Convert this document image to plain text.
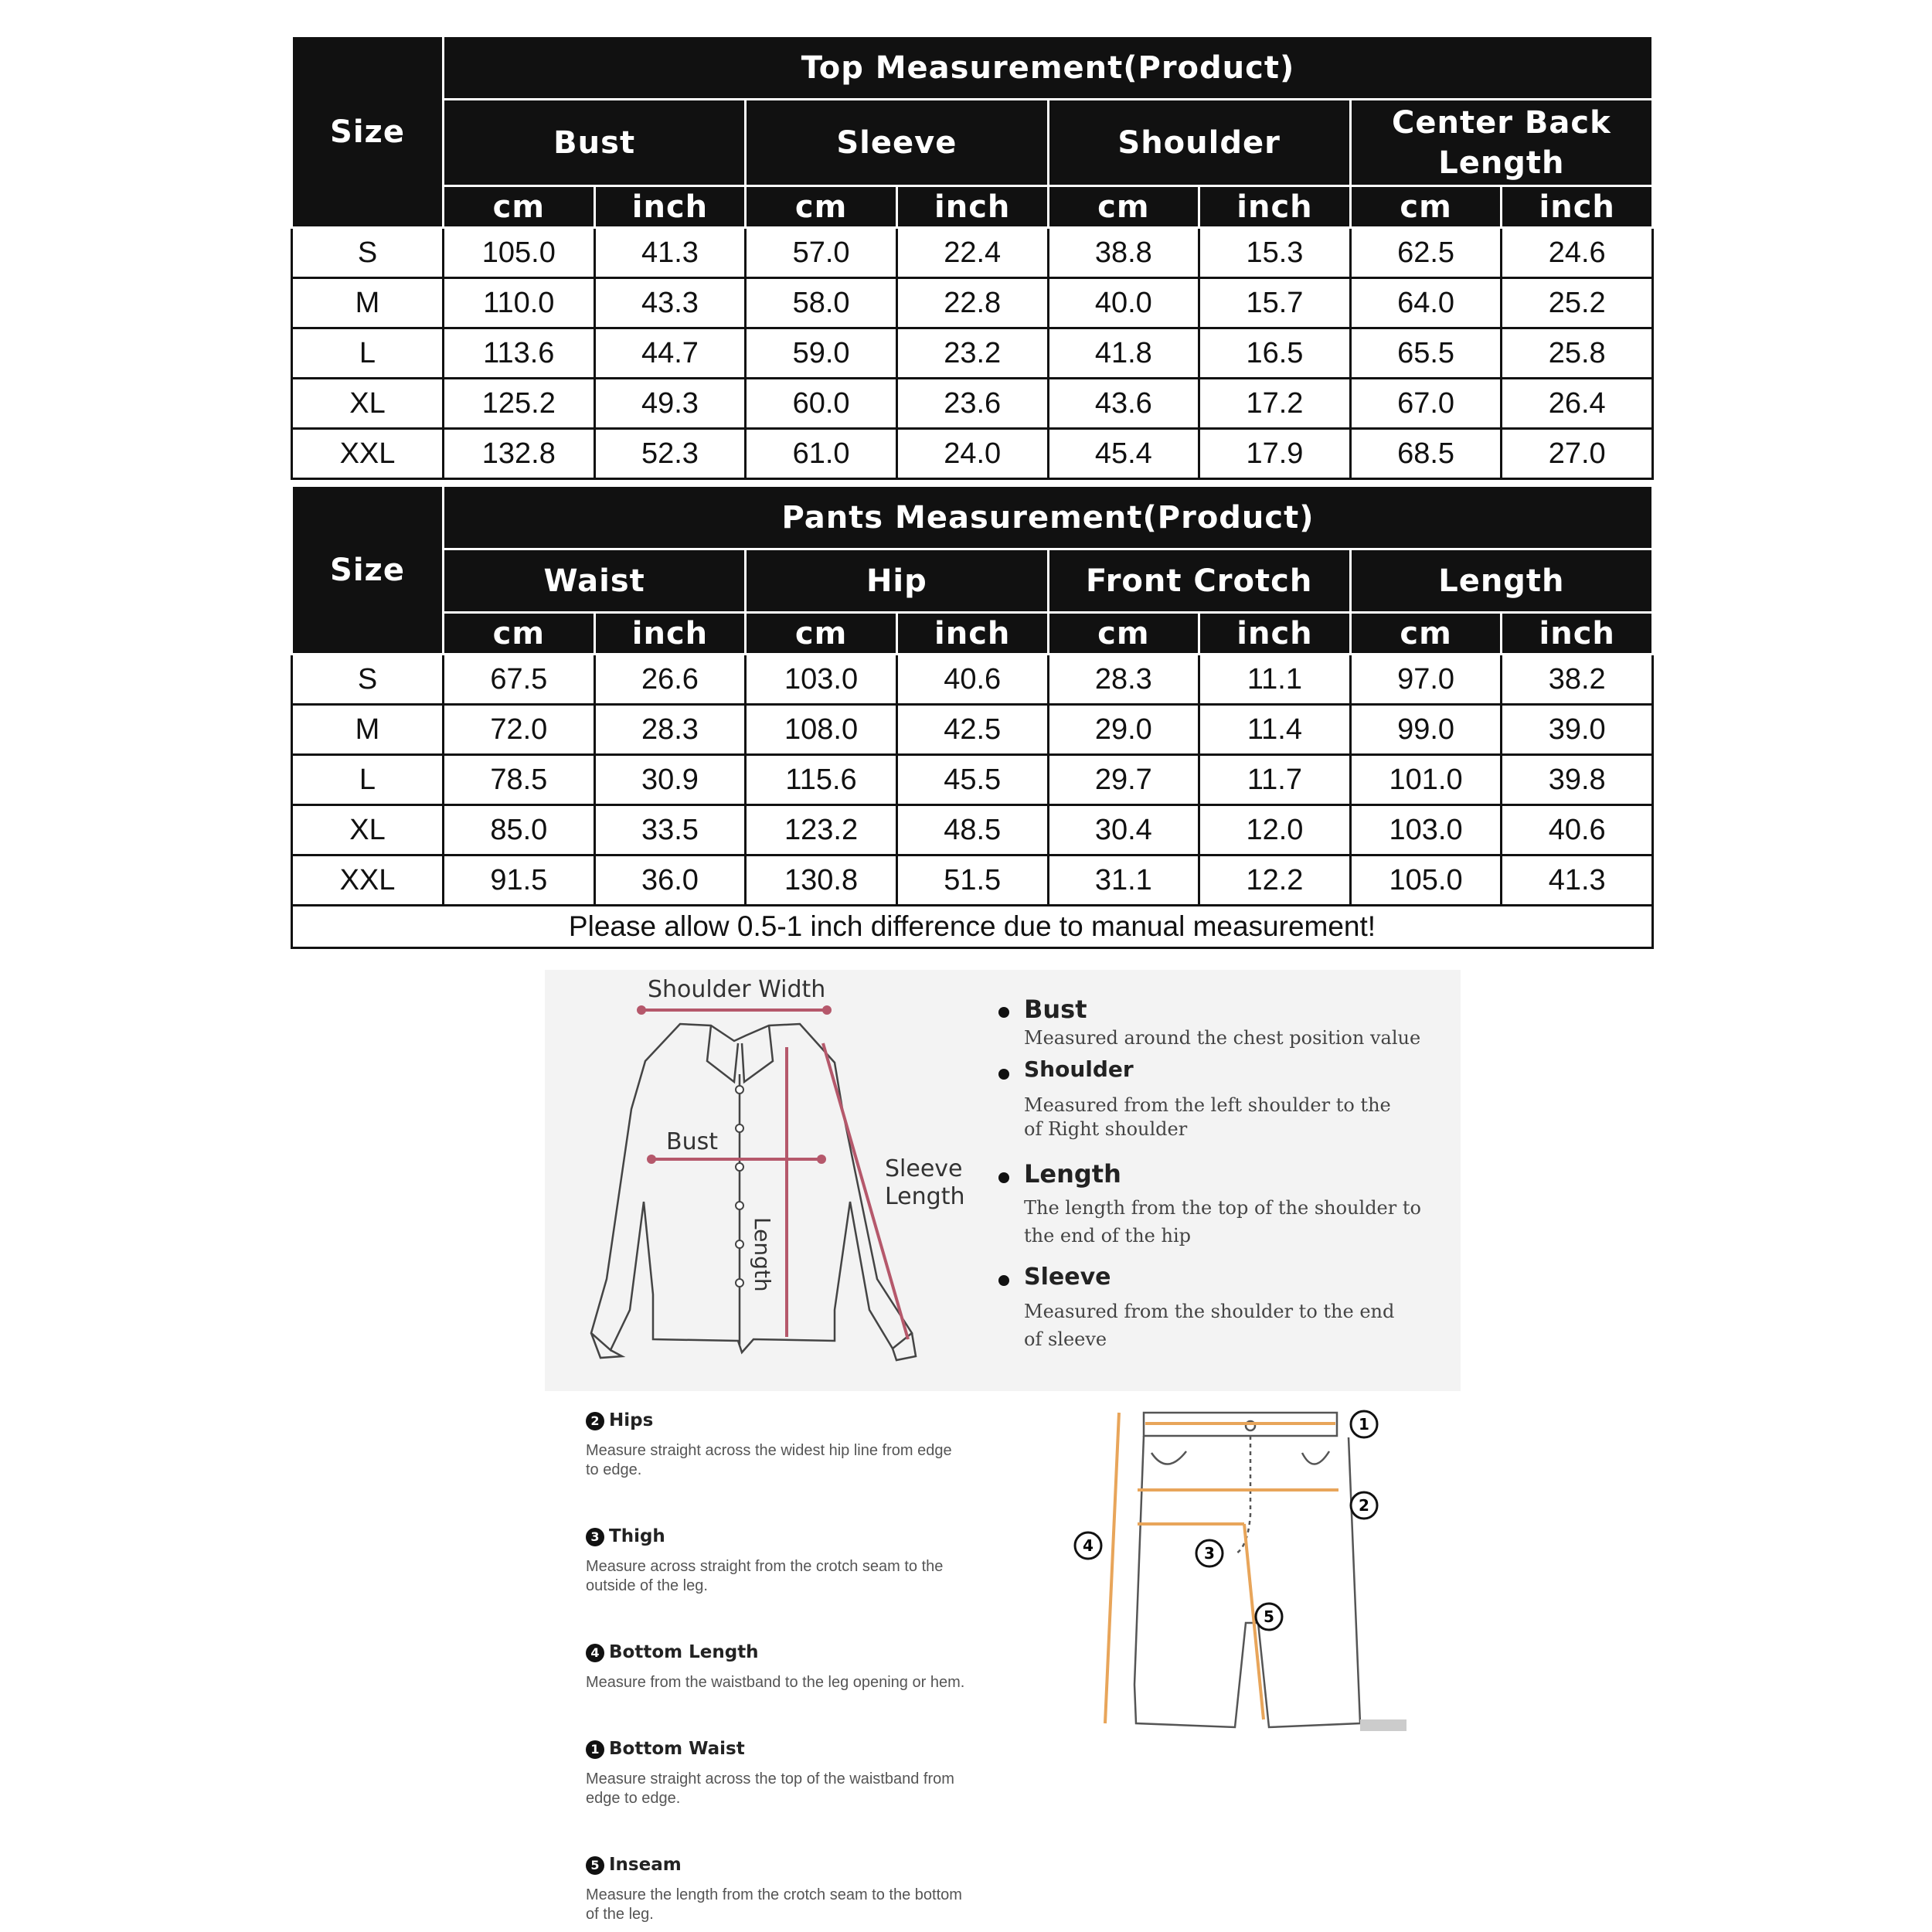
Size	Top Measurement(Product)							
	Bust		Sleeve		Shoulder		Center Back Length	
	cm	inch	cm	inch	cm	inch	cm	inch
S	105.0	41.3	57.0	22.4	38.8	15.3	62.5	24.6
M	110.0	43.3	58.0	22.8	40.0	15.7	64.0	25.2
L	113.6	44.7	59.0	23.2	41.8	16.5	65.5	25.8
XL	125.2	49.3	60.0	23.6	43.6	17.2	67.0	26.4
XXL	132.8	52.3	61.0	24.0	45.4	17.9	68.5	27.0
Size	Pants Measurement(Product)							
	Waist		Hip		Front Crotch		Length	
	cm	inch	cm	inch	cm	inch	cm	inch
S	67.5	26.6	103.0	40.6	28.3	11.1	97.0	38.2
M	72.0	28.3	108.0	42.5	29.0	11.4	99.0	39.0
L	78.5	30.9	115.6	45.5	29.7	11.7	101.0	39.8
XL	85.0	33.5	123.2	48.5	30.4	12.0	103.0	40.6
XXL	91.5	36.0	130.8	51.5	31.1	12.2	105.0	41.3
Please allow 0.5-1 inch difference due to manual measurement!								
Shoulder Width
Bust
Sleeve
Length
Length
Bust
Measured around the chest position value
Shoulder
Measured from the left shoulder to the
of Right shoulder
Length
The length from the top of the shoulder to
the end of the hip
Sleeve
Measured from the shoulder to the end
of sleeve
2 Hips
Measure straight across the widest hip line from edge
to edge.
3 Thigh
Measure across straight from the crotch seam to the
outside of the leg.
4 Bottom Length
Measure from the waistband to the leg opening or hem.
1 Bottom Waist
Measure straight across the top of the waistband from
edge to edge.
5 Inseam
Measure the length from the crotch seam to the bottom
of the leg.
1
2
3
4
5
